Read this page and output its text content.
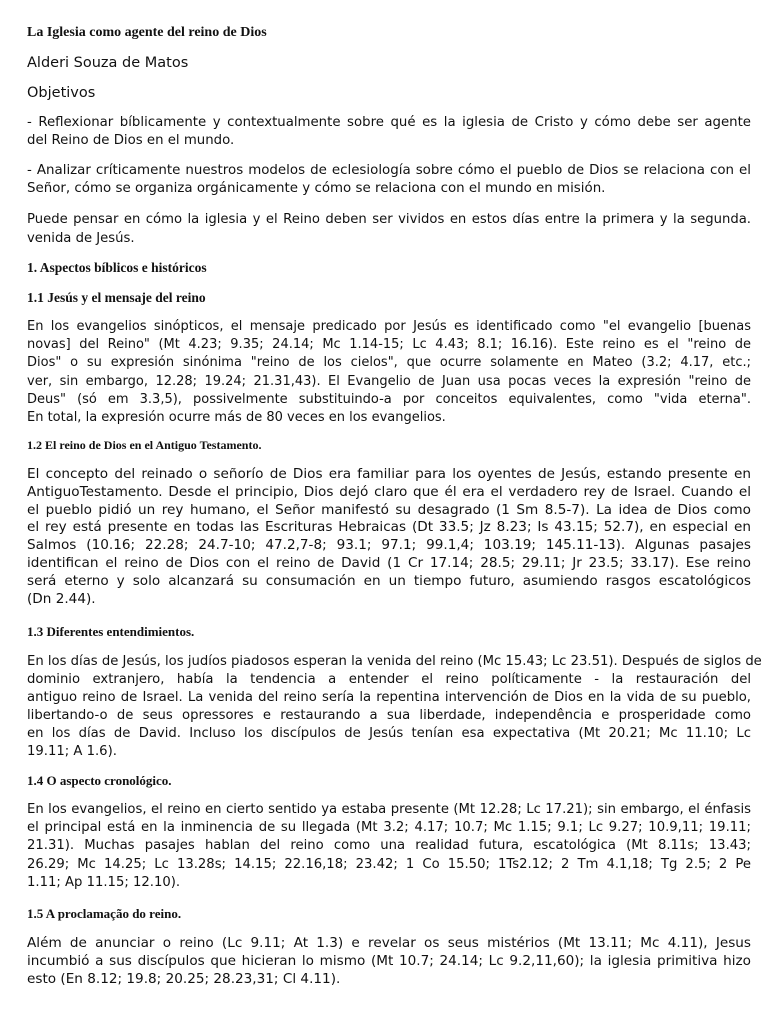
La Iglesia como agente del reino de Dios
Alderi Souza de Matos
Objetivos
- Reflexionar bíblicamente y contextualmente sobre qué es la iglesia de Cristo y cómo debe ser agente
del Reino de Dios en el mundo.
- Analizar críticamente nuestros modelos de eclesiología sobre cómo el pueblo de Dios se relaciona con el
Señor, cómo se organiza orgánicamente y cómo se relaciona con el mundo en misión.
Puede pensar en cómo la iglesia y el Reino deben ser vividos en estos días entre la primera y la segunda.
venida de Jesús.
1. Aspectos bíblicos e históricos
1.1 Jesús y el mensaje del reino
En los evangelios sinópticos, el mensaje predicado por Jesús es identificado como "el evangelio [buenas
novas] del Reino" (Mt 4.23; 9.35; 24.14; Mc 1.14-15; Lc 4.43; 8.1; 16.16). Este reino es el "reino de
Dios" o su expresión sinónima "reino de los cielos", que ocurre solamente en Mateo (3.2; 4.17, etc.;
ver, sin embargo, 12.28; 19.24; 21.31,43). El Evangelio de Juan usa pocas veces la expresión "reino de
Deus" (só em 3.3,5), possivelmente substituindo-a por conceitos equivalentes, como "vida eterna".
En total, la expresión ocurre más de 80 veces en los evangelios.
1.2 El reino de Dios en el Antiguo Testamento.
El concepto del reinado o señorío de Dios era familiar para los oyentes de Jesús, estando presente en
AntiguoTestamento. Desde el principio, Dios dejó claro que él era el verdadero rey de Israel. Cuando el
el pueblo pidió un rey humano, el Señor manifestó su desagrado (1 Sm 8.5-7). La idea de Dios como
el rey está presente en todas las Escrituras Hebraicas (Dt 33.5; Jz 8.23; Is 43.15; 52.7), en especial en
Salmos (10.16; 22.28; 24.7-10; 47.2,7-8; 93.1; 97.1; 99.1,4; 103.19; 145.11-13). Algunas pasajes
identifican el reino de Dios con el reino de David (1 Cr 17.14; 28.5; 29.11; Jr 23.5; 33.17). Ese reino
será eterno y solo alcanzará su consumación en un tiempo futuro, asumiendo rasgos escatológicos
(Dn 2.44).
1.3 Diferentes entendimientos.
En los días de Jesús, los judíos piadosos esperan la venida del reino (Mc 15.43; Lc 23.51). Después de siglos de
dominio extranjero, había la tendencia a entender el reino políticamente - la restauración del
antiguo reino de Israel. La venida del reino sería la repentina intervención de Dios en la vida de su pueblo,
libertando-o de seus opressores e restaurando a sua liberdade, independência e prosperidade como
en los días de David. Incluso los discípulos de Jesús tenían esa expectativa (Mt 20.21; Mc 11.10; Lc
19.11; A 1.6).
1.4 O aspecto cronológico.
En los evangelios, el reino en cierto sentido ya estaba presente (Mt 12.28; Lc 17.21); sin embargo, el énfasis
el principal está en la inminencia de su llegada (Mt 3.2; 4.17; 10.7; Mc 1.15; 9.1; Lc 9.27; 10.9,11; 19.11;
21.31). Muchas pasajes hablan del reino como una realidad futura, escatológica (Mt 8.11s; 13.43;
26.29; Mc 14.25; Lc 13.28s; 14.15; 22.16,18; 23.42; 1 Co 15.50; 1Ts2.12; 2 Tm 4.1,18; Tg 2.5; 2 Pe
1.11; Ap 11.15; 12.10).
1.5 A proclamação do reino.
Além de anunciar o reino (Lc 9.11; At 1.3) e revelar os seus mistérios (Mt 13.11; Mc 4.11), Jesus
incumbió a sus discípulos que hicieran lo mismo (Mt 10.7; 24.14; Lc 9.2,11,60); la iglesia primitiva hizo
esto (En 8.12; 19.8; 20.25; 28.23,31; Cl 4.11).
